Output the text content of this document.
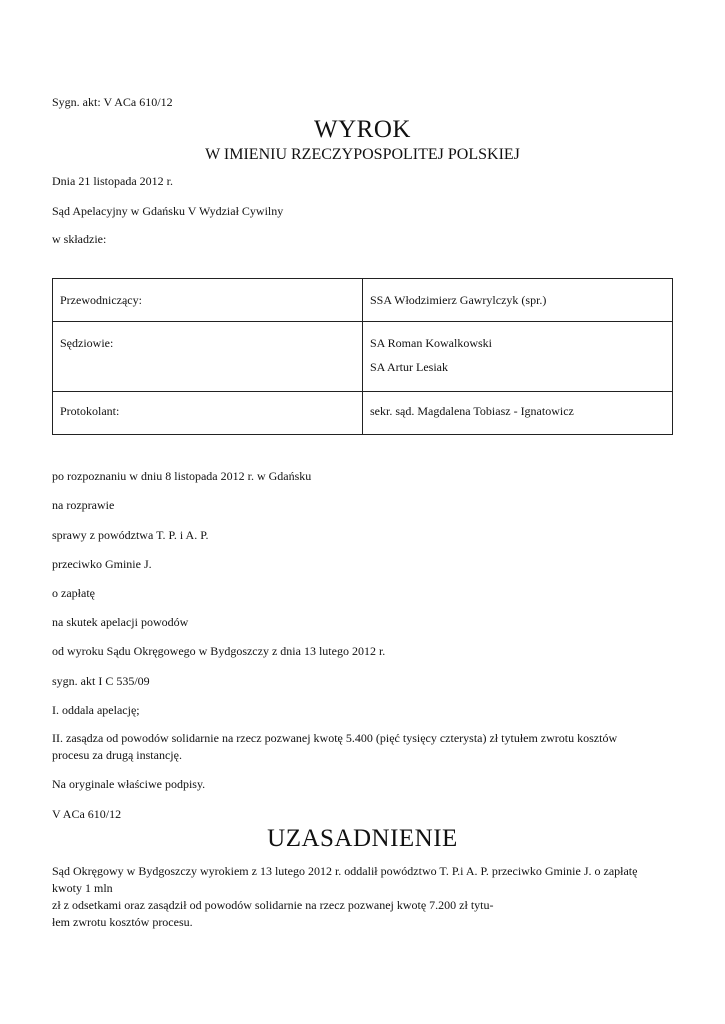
Sygn. akt: V ACa 610/12
WYROK
W IMIENIU RZECZYPOSPOLITEJ POLSKIEJ
Dnia 21 listopada 2012 r.
Sąd Apelacyjny w Gdańsku V Wydział Cywilny
w składzie:
Przewodniczący:	SSA Włodzimierz Gawrylczyk (spr.)

Sędziowie:	SA Roman Kowalkowski
SA Artur Lesiak

Protokolant:	sekr. sąd. Magdalena Tobiasz - Ignatowicz
po rozpoznaniu w dniu 8 listopada 2012 r. w Gdańsku
na rozprawie
sprawy z powództwa T. P. i A. P.
przeciwko Gminie J.
o zapłatę
na skutek apelacji powodów
od wyroku Sądu Okręgowego w Bydgoszczy z dnia 13 lutego 2012 r.
sygn. akt I C 535/09
I. oddala apelację;
II. zasądza od powodów solidarnie na rzecz pozwanej kwotę 5.400 (pięć tysięcy czterysta) zł tytułem zwrotu kosztów
procesu za drugą instancję.
Na oryginale właściwe podpisy.
V ACa 610/12
UZASADNIENIE
Sąd Okręgowy w Bydgoszczy wyrokiem z 13 lutego 2012 r. oddalił powództwo T. P.i A. P. przeciwko Gminie J. o zapłatę
kwoty 1 mln
zł z odsetkami oraz zasądził od powodów solidarnie na rzecz pozwanej kwotę 7.200 zł tytu-
łem zwrotu kosztów procesu.
